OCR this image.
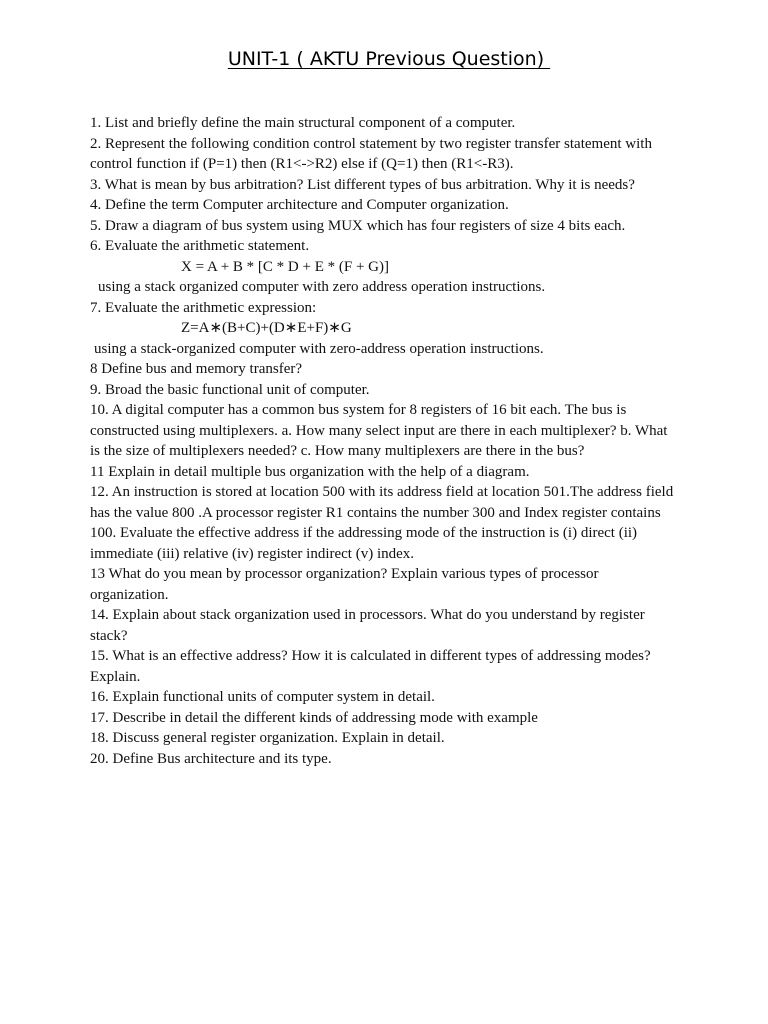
UNIT-1 ( AKTU Previous Question)
1. List and briefly define the main structural component of a computer.
2. Represent the following condition control statement by two register transfer statement with
control function if (P=1) then (R1<->R2) else if (Q=1) then (R1<-R3).
3. What is mean by bus arbitration? List different types of bus arbitration. Why it is needs?
4. Define the term Computer architecture and Computer organization.
5. Draw a diagram of bus system using MUX which has four registers of size 4 bits each.
6. Evaluate the arithmetic statement.
X = A + B * [C * D + E * (F + G)]
using a stack organized computer with zero address operation instructions.
7. Evaluate the arithmetic expression:
Z=A∗(B+C)+(D∗E+F)∗G
using a stack-organized computer with zero-address operation instructions.
8 Define bus and memory transfer?
9. Broad the basic functional unit of computer.
10. A digital computer has a common bus system for 8 registers of 16 bit each. The bus is
constructed using multiplexers. a. How many select input are there in each multiplexer? b. What
is the size of multiplexers needed? c. How many multiplexers are there in the bus?
11 Explain in detail multiple bus organization with the help of a diagram.
12. An instruction is stored at location 500 with its address field at location 501.The address field
has the value 800 .A processor register R1 contains the number 300 and Index register contains
100. Evaluate the effective address if the addressing mode of the instruction is (i) direct (ii)
immediate (iii) relative (iv) register indirect (v) index.
13 What do you mean by processor organization? Explain various types of processor
organization.
14. Explain about stack organization used in processors. What do you understand by register
stack?
15. What is an effective address? How it is calculated in different types of addressing modes?
Explain.
16. Explain functional units of computer system in detail.
17. Describe in detail the different kinds of addressing mode with example
18. Discuss general register organization. Explain in detail.
20. Define Bus architecture and its type.
